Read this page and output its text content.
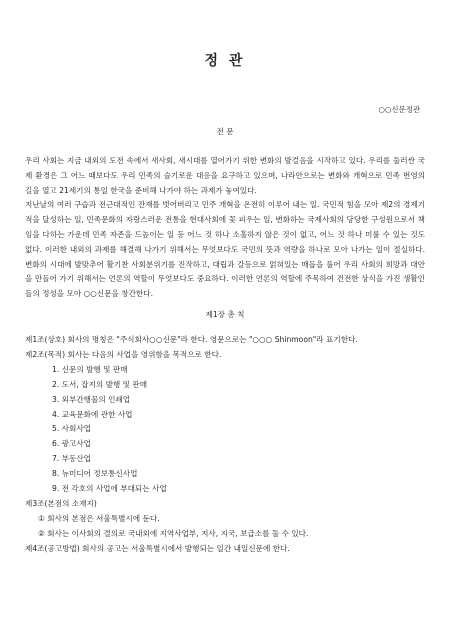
정 관
○○신문정관
전 문

우리 사회는 지금 내외의 도전 속에서 새사회, 새시대를 열어가기 위한 변화의 발걸음을 시작하고 있다. 우리를 둘러싼 국제 환경은 그 어느 때보다도 우리 민족의 슬기로운 대응을 요구하고 있으며, 나라안으로는 변화와 개혁으로 민족 번영의 길을 열고 21세기의 통일 한국을 준비해 나가야 하는 과제가 놓여있다.

지난날의 여러 구습과 전근대적인 잔재를 벗어버리고 민주 개혁을 온전히 이루어 내는 일. 국민적 힘을 모아 제2의 경제기적을 달성하는 일, 민족문화의 자랑스러운 전통을 현대사회에 꽃 피우는 일, 변화하는 국제사회의 당당한 구성원으로서 책임을 다하는 가운데 민족 자존을 드높이는 일 등 어느 것 하나 소홀하지 않은 것이 없고, 어느 것 하나 미룰 수 있는 것도 없다. 이러한 내외의 과제를 해결해 나가기 위해서는 무엇보다도 국민의 뜻과 역량을 하나로 모아 나가는 일이 절실하다. 변화의 시대에 발맞추어 활기찬 사회분위기를 진작하고, 대립과 갈등으로 얽혀있는 매듭을 풀어 우리 사회의 희망과 대안을 만들어 가기 위해서는 언론의 역할이 무엇보다도 중요하다. 이러한 언론의 역할에 주목하여 건전한 상식을 가진 생활인들의 정성을 모아 ○○신문을 창간한다.

제1장 총 칙
제1조(상호) 회사의 명칭은 "주식회사○○신문"라 한다. 영문으로는 "○○○ Shinmoon"라 표기한다.
제2조(목적) 회사는 다음의 사업을 영위함을 목적으로 한다.
1. 신문의 발행 및 판매
2. 도서, 잡지의 발행 및 판매
3. 외부간행물의 인쇄업
4. 교육문화에 관한 사업
5. 사회사업
6. 광고사업
7. 부동산업
8. 뉴미디어 정보통신사업
9. 전 각호의 사업에 부대되는 사업
제3조(본점의 소재지)
① 회사의 본점은 서울특별시에 둔다.
② 회사는 이사회의 결의로 국내외에 지역사업부, 지사, 지국, 보급소를 둘 수 있다.
제4조(공고방법) 회사의 공고는 서울특별시에서 발행되는 일간 내일신문에 한다.
